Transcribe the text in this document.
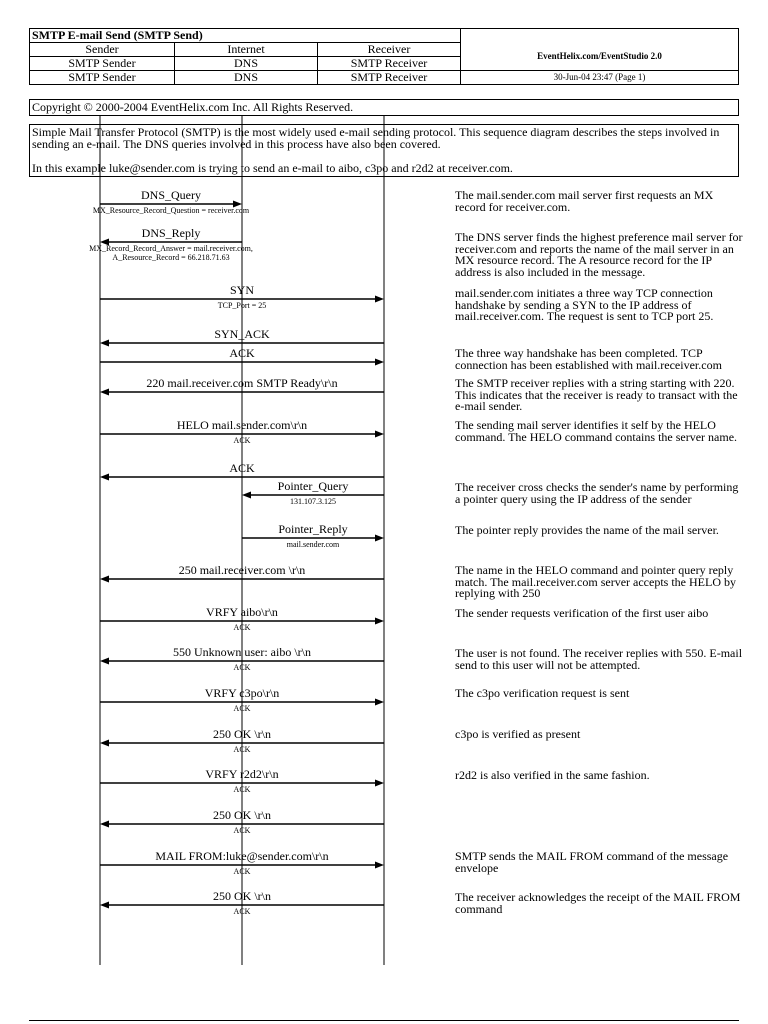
SMTP E-mail Send (SMTP Send)			
Sender	Internet	Receiver	EventHelix.com/EventStudio 2.0
SMTP Sender	DNS	SMTP Receiver	
SMTP Sender	DNS	SMTP Receiver	30-Jun-04 23:47 (Page 1)
Copyright © 2000-2004 EventHelix.com Inc. All Rights Reserved.
Simple Mail Transfer Protocol (SMTP) is the most widely used e-mail sending protocol. This sequence diagram describes the steps involved in sending an e-mail. The DNS queries involved in this process have also been covered.
In this example luke@sender.com is trying to send an e-mail to aibo, c3po and r2d2 at receiver.com.
DNS_Query
MX_Resource_Record_Question = receiver.com
DNS_Reply
MX_Record_Record_Answer = mail.receiver.com,
A_Resource_Record = 66.218.71.63
SYN
TCP_Port = 25
SYN_ACK
ACK
220 mail.receiver.com SMTP Ready\r\n
HELO mail.sender.com\r\n
ACK
ACK
Pointer_Query
131.107.3.125
Pointer_Reply
mail.sender.com
250 mail.receiver.com \r\n
VRFY aibo\r\n
ACK
550 Unknown user: aibo \r\n
ACK
VRFY c3po\r\n
ACK
250 OK \r\n
ACK
VRFY r2d2\r\n
ACK
250 OK \r\n
ACK
MAIL FROM:luke@sender.com\r\n
ACK
250 OK \r\n
ACK
The mail.sender.com mail server first requests an MX record for receiver.com.
The DNS server finds the highest preference mail server for receiver.com and reports the name of the mail server in an MX resource record. The A resource record for the IP address is also included in the message.
mail.sender.com initiates a three way TCP connection handshake by sending a SYN to the IP address of mail.receiver.com. The request is sent to TCP port 25.
The three way handshake has been completed. TCP connection has been established with mail.receiver.com
The SMTP receiver replies with a string starting with 220. This indicates that the receiver is ready to transact with the e-mail sender.
The sending mail server identifies it self by the HELO command. The HELO command contains the server name.
The receiver cross checks the sender's name by performing a pointer query using the IP address of the sender
The pointer reply provides the name of the mail server.
The name in the HELO command and pointer query reply match. The mail.receiver.com server accepts the HELO by replying with 250
The sender requests verification of the first user aibo
The user is not found. The receiver replies with 550. E-mail send to this user will not be attempted.
The c3po verification request is sent
c3po is verified as present
r2d2 is also verified in the same fashion.
SMTP sends the MAIL FROM command of the message envelope
The receiver acknowledges the receipt of the MAIL FROM command
